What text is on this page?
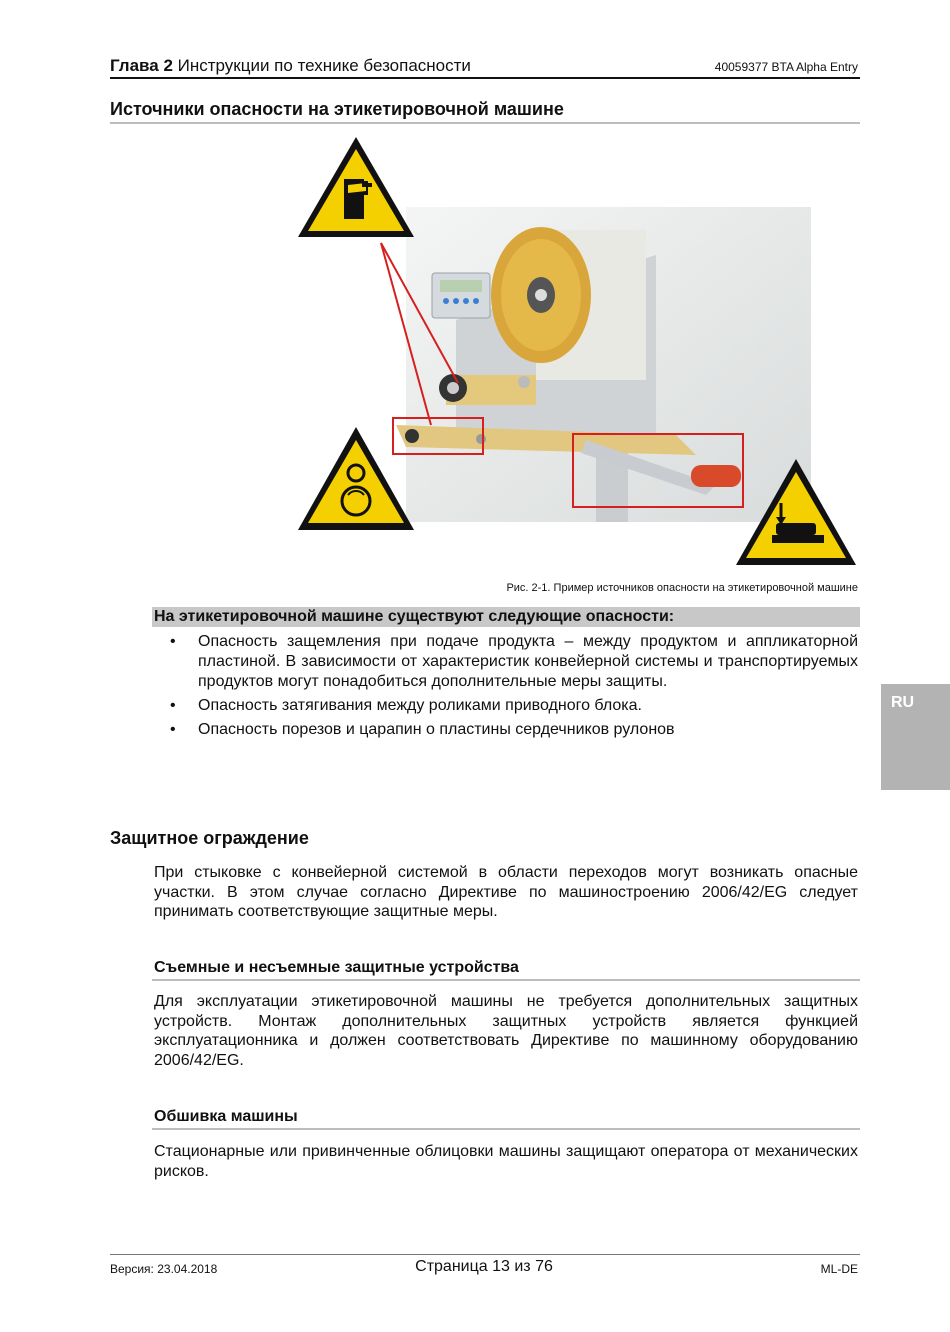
Глава 2 Инструкции по технике безопасности	40059377 BTA Alpha Entry
Источники опасности на этикетировочной машине
Рис. 2-1. Пример источников опасности на этикетировочной машине
На этикетировочной машине существуют следующие опасности:
• Опасность защемления при подаче продукта – между продуктом и аппликаторной пластиной. В зависимости от характеристик конвейерной системы и транспортируемых продуктов могут понадобиться дополнительные меры защиты.
• Опасность затягивания между роликами приводного блока.
• Опасность порезов и царапин о пластины сердечников рулонов
RU
Защитное ограждение
При стыковке с конвейерной системой в области переходов могут возникать опасные участки. В этом случае согласно Директиве по машиностроению 2006/42/EG следует принимать соответствующие защитные меры.
Съемные и несъемные защитные устройства
Для эксплуатации этикетировочной машины не требуется дополнительных защитных устройств. Монтаж дополнительных защитных устройств является функцией эксплуатационника и должен соответствовать Директиве по машинному оборудованию 2006/42/EG.
Обшивка машины
Стационарные или привинченные облицовки машины защищают оператора от механических рисков.
Версия: 23.04.2018	Страница 13 из 76	ML-DE
